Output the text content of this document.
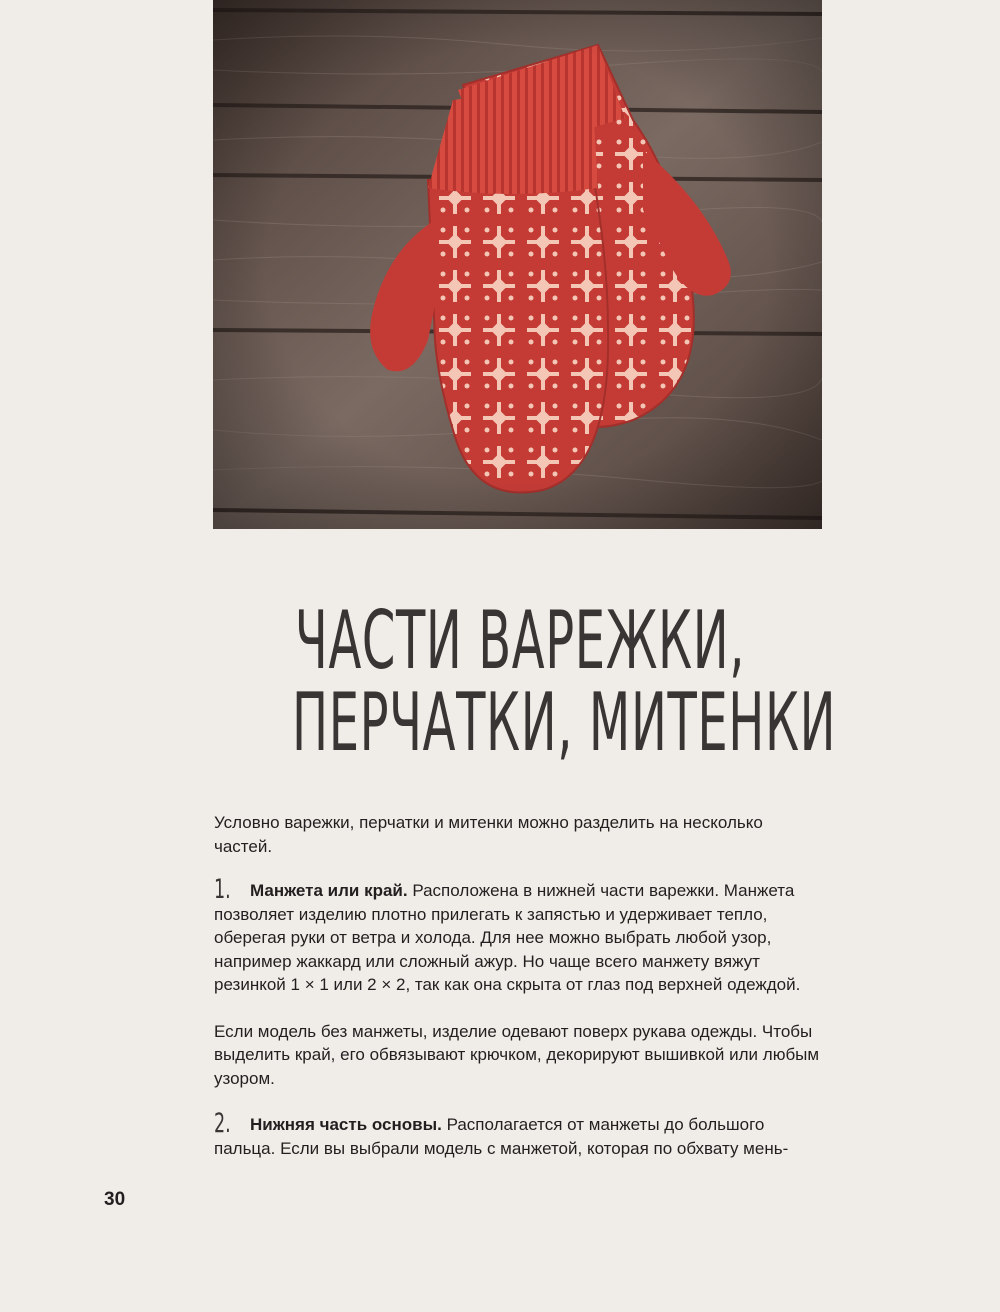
ЧАСТИ ВАРЕЖКИ,
ПЕРЧАТКИ, МИТЕНКИ

Условно варежки, перчатки и митенки можно разделить на несколько частей.

1. Манжета или край. Расположена в нижней части варежки. Манжета позволяет изделию плотно прилегать к запястью и удерживает тепло, оберегая руки от ветра и холода. Для нее можно выбрать любой узор, например жаккард или сложный ажур. Но чаще всего манжету вяжут резинкой 1 × 1 или 2 × 2, так как она скрыта от глаз под верхней одеждой.

Если модель без манжеты, изделие одевают поверх рукава одежды. Чтобы выделить край, его обвязывают крючком, декорируют вышивкой или любым узором.

2. Нижняя часть основы. Располагается от манжеты до большого пальца. Если вы выбрали модель с манжетой, которая по обхвату мень-

30
